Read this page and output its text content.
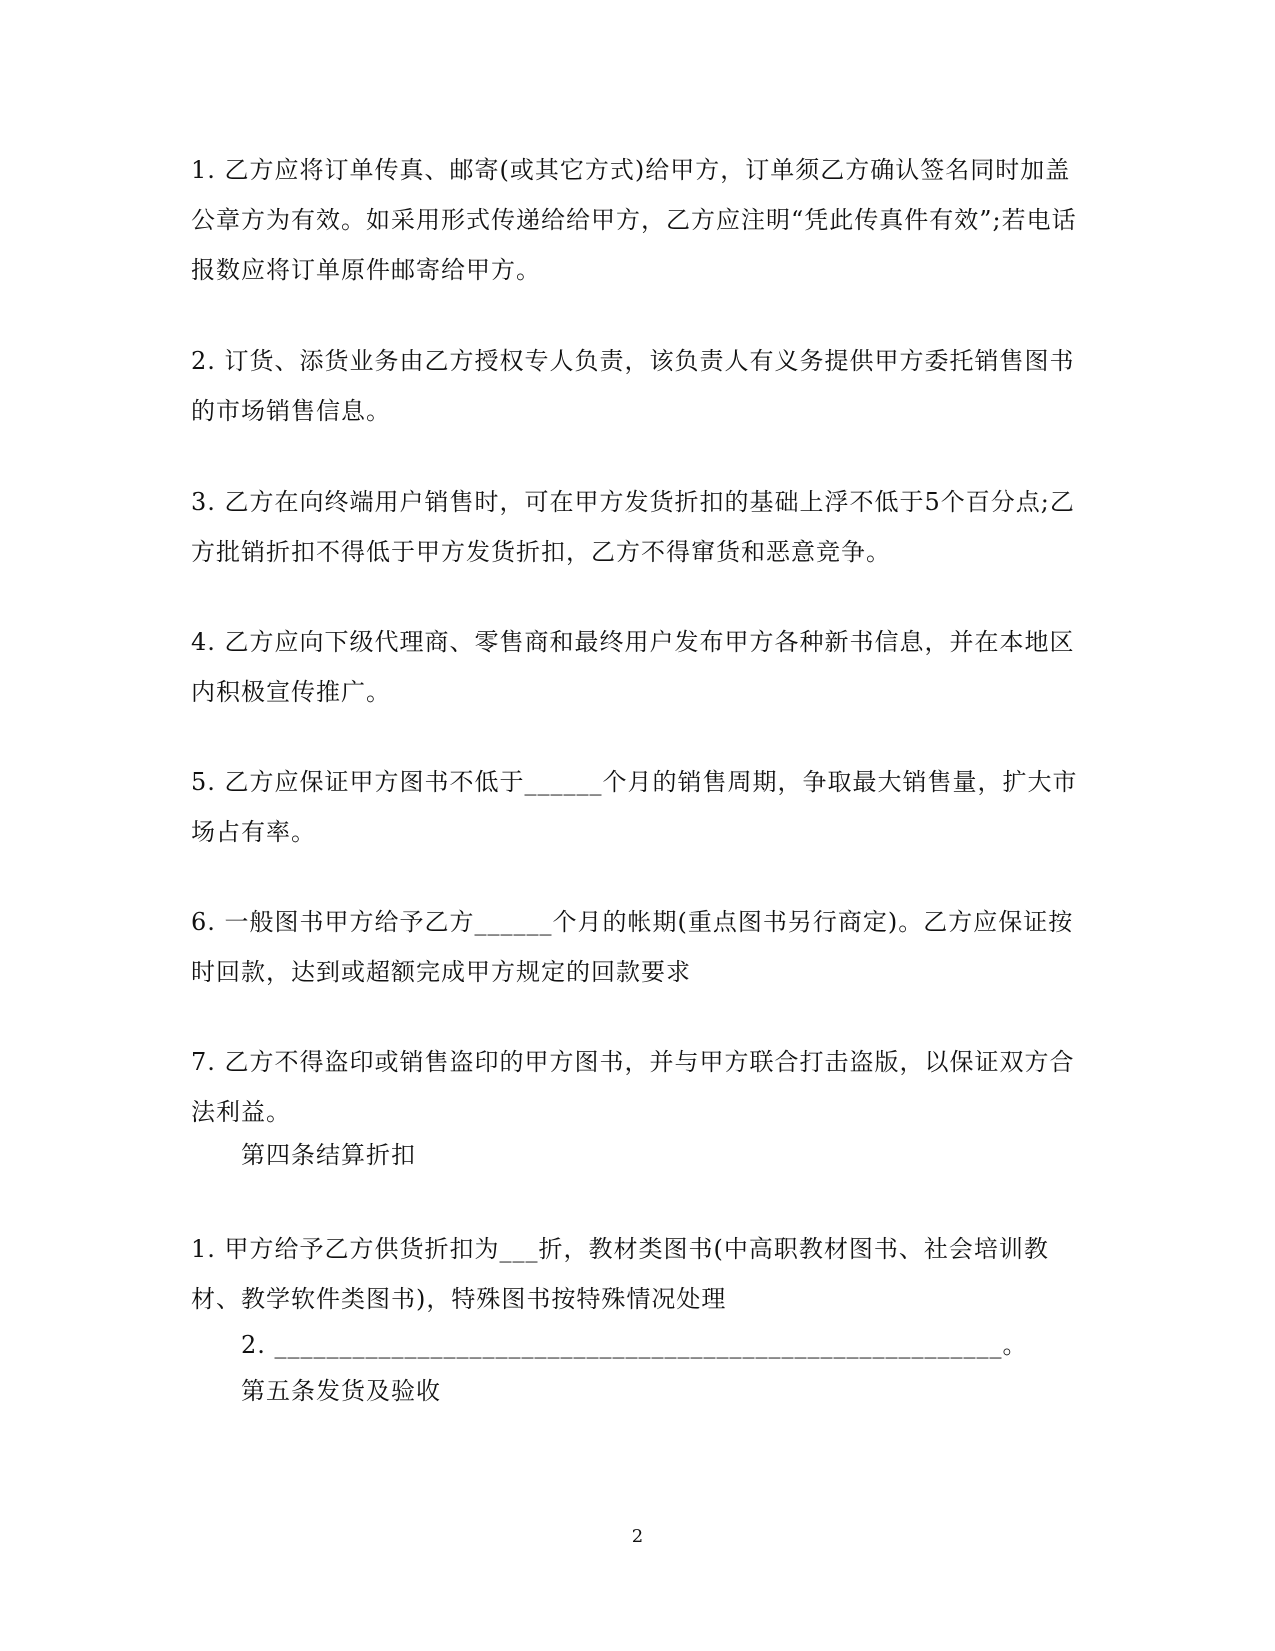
1. 乙方应将订单传真、邮寄(或其它方式)给甲方，订单须乙方确认签名同时加盖公章方为有效。如采用形式传递给给甲方，乙方应注明“凭此传真件有效”;若电话报数应将订单原件邮寄给甲方。

2. 订货、添货业务由乙方授权专人负责，该负责人有义务提供甲方委托销售图书的市场销售信息。

3. 乙方在向终端用户销售时，可在甲方发货折扣的基础上浮不低于5个百分点;乙方批销折扣不得低于甲方发货折扣，乙方不得窜货和恶意竞争。

4. 乙方应向下级代理商、零售商和最终用户发布甲方各种新书信息，并在本地区内积极宣传推广。

5. 乙方应保证甲方图书不低于______个月的销售周期，争取最大销售量，扩大市场占有率。

6. 一般图书甲方给予乙方______个月的帐期(重点图书另行商定)。乙方应保证按时回款，达到或超额完成甲方规定的回款要求

7. 乙方不得盗印或销售盗印的甲方图书，并与甲方联合打击盗版，以保证双方合法利益。

第四条结算折扣

1. 甲方给予乙方供货折扣为___折，教材类图书(中高职教材图书、社会培训教材、教学软件类图书)，特殊图书按特殊情况处理

2. ________________________________________________________。

第五条发货及验收

2
